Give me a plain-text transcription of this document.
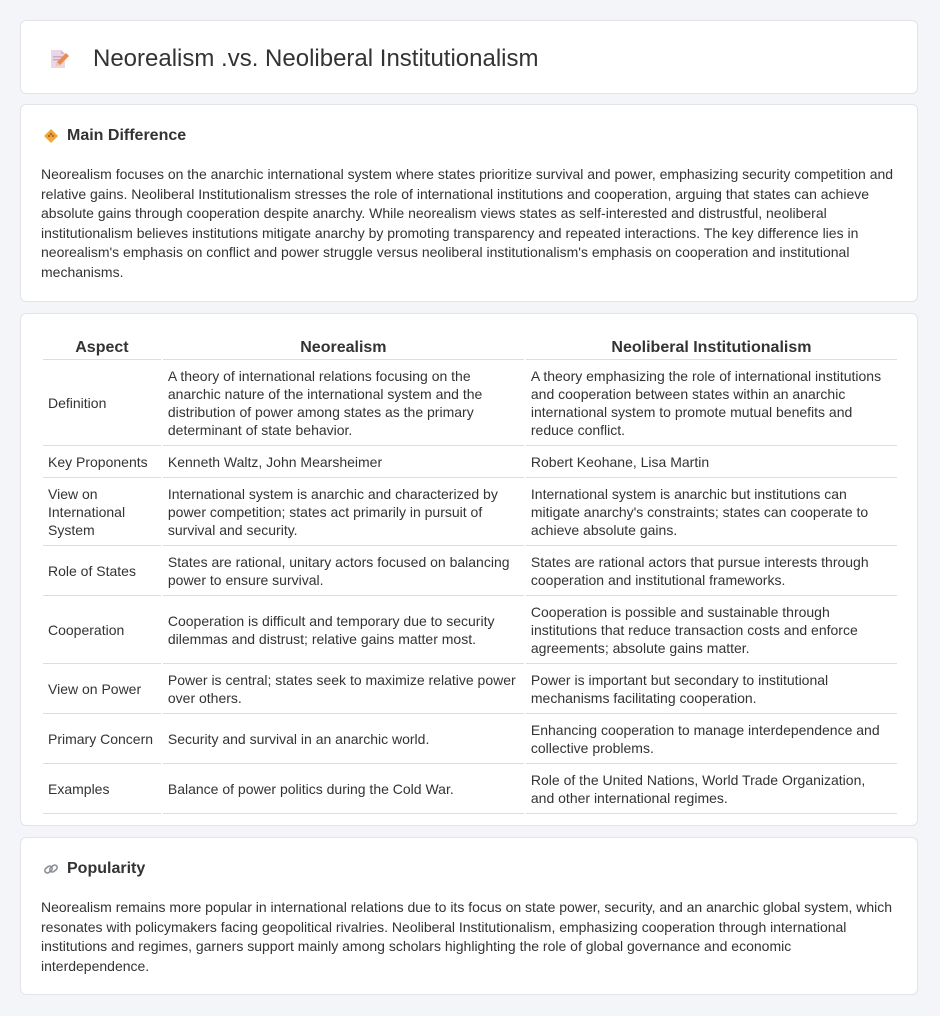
Neorealism .vs. Neoliberal Institutionalism
Main Difference

Neorealism focuses on the anarchic international system where states prioritize survival and power, emphasizing security competition and relative gains. Neoliberal Institutionalism stresses the role of international institutions and cooperation, arguing that states can achieve absolute gains through cooperation despite anarchy. While neorealism views states as self-interested and distrustful, neoliberal institutionalism believes institutions mitigate anarchy by promoting transparency and repeated interactions. The key difference lies in neorealism's emphasis on conflict and power struggle versus neoliberal institutionalism's emphasis on cooperation and institutional mechanisms.

Aspect	Neorealism	Neoliberal Institutionalism
Definition	A theory of international relations focusing on the anarchic nature of the international system and the distribution of power among states as the primary determinant of state behavior.	A theory emphasizing the role of international institutions and cooperation between states within an anarchic international system to promote mutual benefits and reduce conflict.
Key Proponents	Kenneth Waltz, John Mearsheimer	Robert Keohane, Lisa Martin
View on International System	International system is anarchic and characterized by power competition; states act primarily in pursuit of survival and security.	International system is anarchic but institutions can mitigate anarchy's constraints; states can cooperate to achieve absolute gains.
Role of States	States are rational, unitary actors focused on balancing power to ensure survival.	States are rational actors that pursue interests through cooperation and institutional frameworks.
Cooperation	Cooperation is difficult and temporary due to security dilemmas and distrust; relative gains matter most.	Cooperation is possible and sustainable through institutions that reduce transaction costs and enforce agreements; absolute gains matter.
View on Power	Power is central; states seek to maximize relative power over others.	Power is important but secondary to institutional mechanisms facilitating cooperation.
Primary Concern	Security and survival in an anarchic world.	Enhancing cooperation to manage interdependence and collective problems.
Examples	Balance of power politics during the Cold War.	Role of the United Nations, World Trade Organization, and other international regimes.
Popularity

Neorealism remains more popular in international relations due to its focus on state power, security, and an anarchic global system, which resonates with policymakers facing geopolitical rivalries. Neoliberal Institutionalism, emphasizing cooperation through international institutions and regimes, garners support mainly among scholars highlighting the role of global governance and economic interdependence.
